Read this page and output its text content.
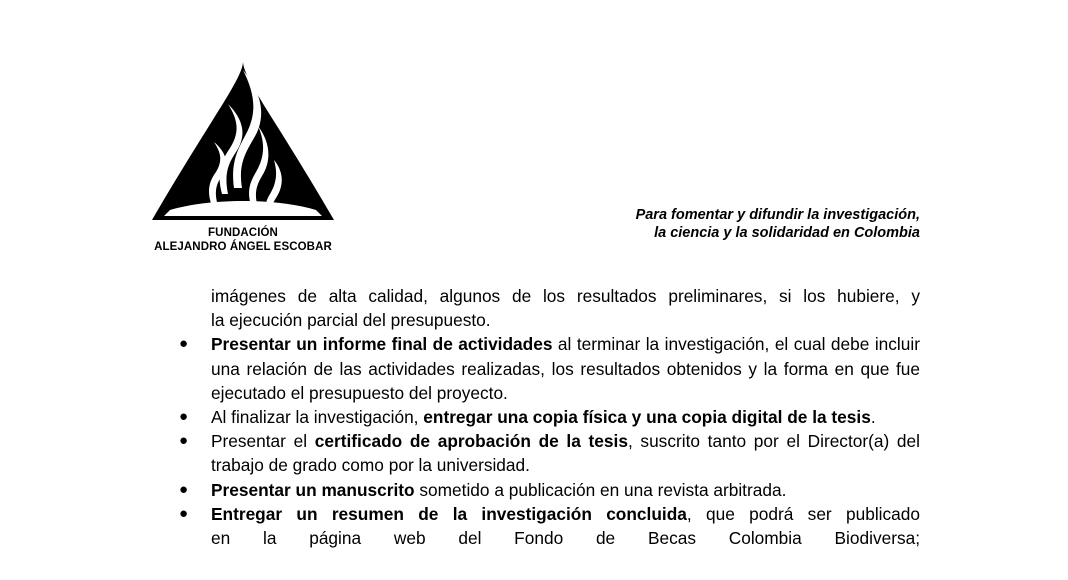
FUNDACIÓN
ALEJANDRO ÁNGEL ESCOBAR
Para fomentar y difundir la investigación,
la ciencia y la solidaridad en Colombia

imágenes de alta calidad, algunos de los resultados preliminares, si los hubiere, y
la ejecución parcial del presupuesto.

● Presentar un informe final de actividades al terminar la investigación, el cual debe incluir una relación de las actividades realizadas, los resultados obtenidos y la forma en que fue ejecutado el presupuesto del proyecto.
● Al finalizar la investigación, entregar una copia física y una copia digital de la tesis.
● Presentar el certificado de aprobación de la tesis, suscrito tanto por el Director(a) del trabajo de grado como por la universidad.
● Presentar un manuscrito sometido a publicación en una revista arbitrada.
● Entregar un resumen de la investigación concluida, que podrá ser publicado
en la página web del Fondo de Becas Colombia Biodiversa;
